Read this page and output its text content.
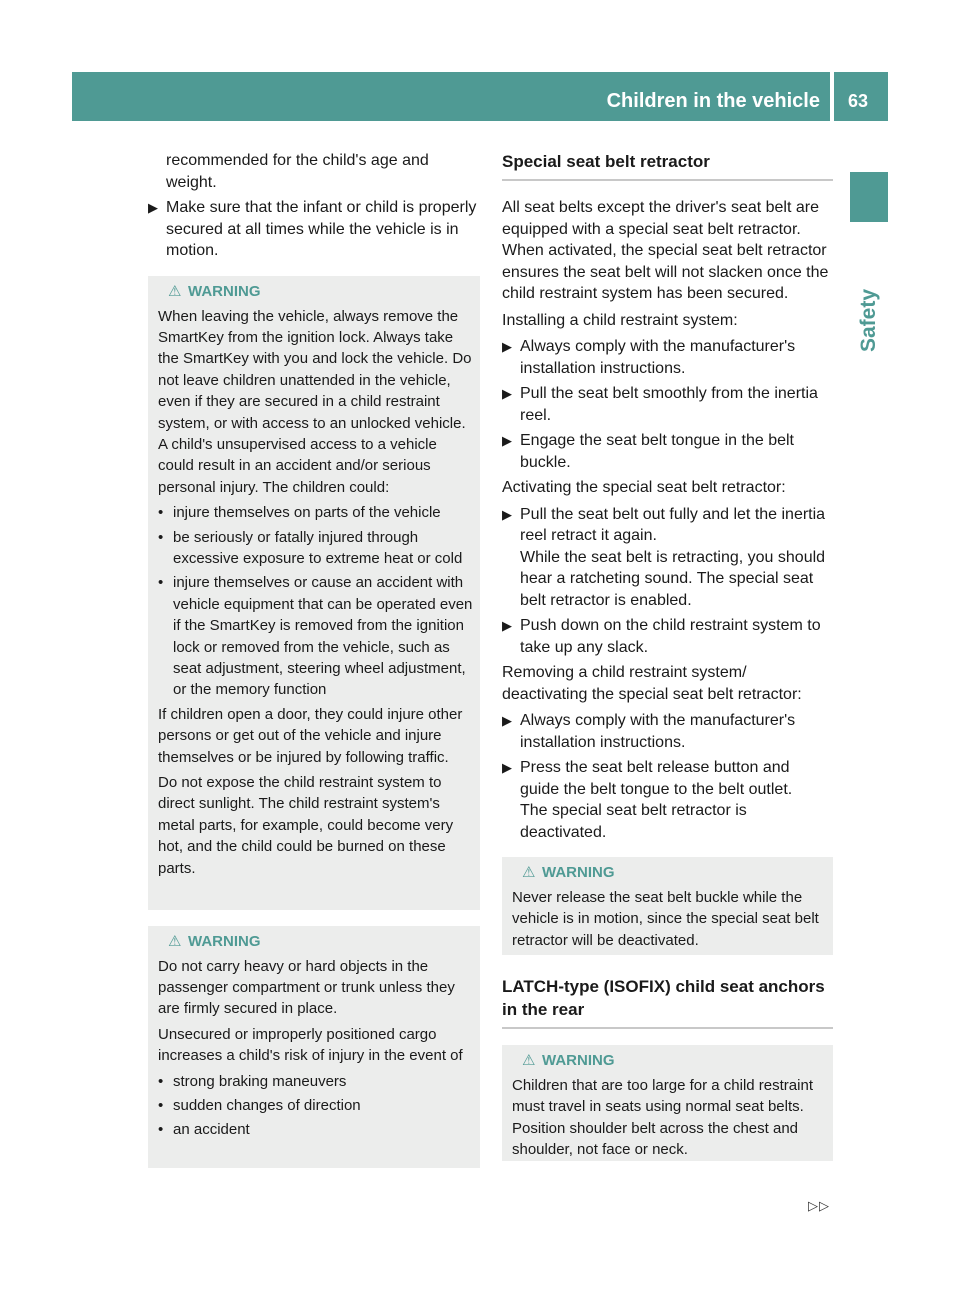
Children in the vehicle	63
Safety
recommended for the child's age and weight.
▶ Make sure that the infant or child is properly secured at all times while the vehicle is in motion.
⚠ WARNING
When leaving the vehicle, always remove the SmartKey from the ignition lock. Always take the SmartKey with you and lock the vehicle. Do not leave children unattended in the vehicle, even if they are secured in a child restraint system, or with access to an unlocked vehicle. A child's unsupervised access to a vehicle could result in an accident and/or serious personal injury. The children could:
• injure themselves on parts of the vehicle
• be seriously or fatally injured through excessive exposure to extreme heat or cold
• injure themselves or cause an accident with vehicle equipment that can be operated even if the SmartKey is removed from the ignition lock or removed from the vehicle, such as seat adjustment, steering wheel adjustment, or the memory function
If children open a door, they could injure other persons or get out of the vehicle and injure themselves or be injured by following traffic.
Do not expose the child restraint system to direct sunlight. The child restraint system's metal parts, for example, could become very hot, and the child could be burned on these parts.
⚠ WARNING
Do not carry heavy or hard objects in the passenger compartment or trunk unless they are firmly secured in place.
Unsecured or improperly positioned cargo increases a child's risk of injury in the event of
• strong braking maneuvers
• sudden changes of direction
• an accident
Special seat belt retractor
All seat belts except the driver's seat belt are equipped with a special seat belt retractor. When activated, the special seat belt retractor ensures the seat belt will not slacken once the child restraint system has been secured.
Installing a child restraint system:
▶ Always comply with the manufacturer's installation instructions.
▶ Pull the seat belt smoothly from the inertia reel.
▶ Engage the seat belt tongue in the belt buckle.
Activating the special seat belt retractor:
▶ Pull the seat belt out fully and let the inertia reel retract it again.
While the seat belt is retracting, you should hear a ratcheting sound. The special seat belt retractor is enabled.
▶ Push down on the child restraint system to take up any slack.
Removing a child restraint system/ deactivating the special seat belt retractor:
▶ Always comply with the manufacturer's installation instructions.
▶ Press the seat belt release button and guide the belt tongue to the belt outlet.
The special seat belt retractor is deactivated.
⚠ WARNING
Never release the seat belt buckle while the vehicle is in motion, since the special seat belt retractor will be deactivated.
LATCH-type (ISOFIX) child seat anchors in the rear
⚠ WARNING
Children that are too large for a child restraint must travel in seats using normal seat belts. Position shoulder belt across the chest and shoulder, not face or neck.
▷▷
